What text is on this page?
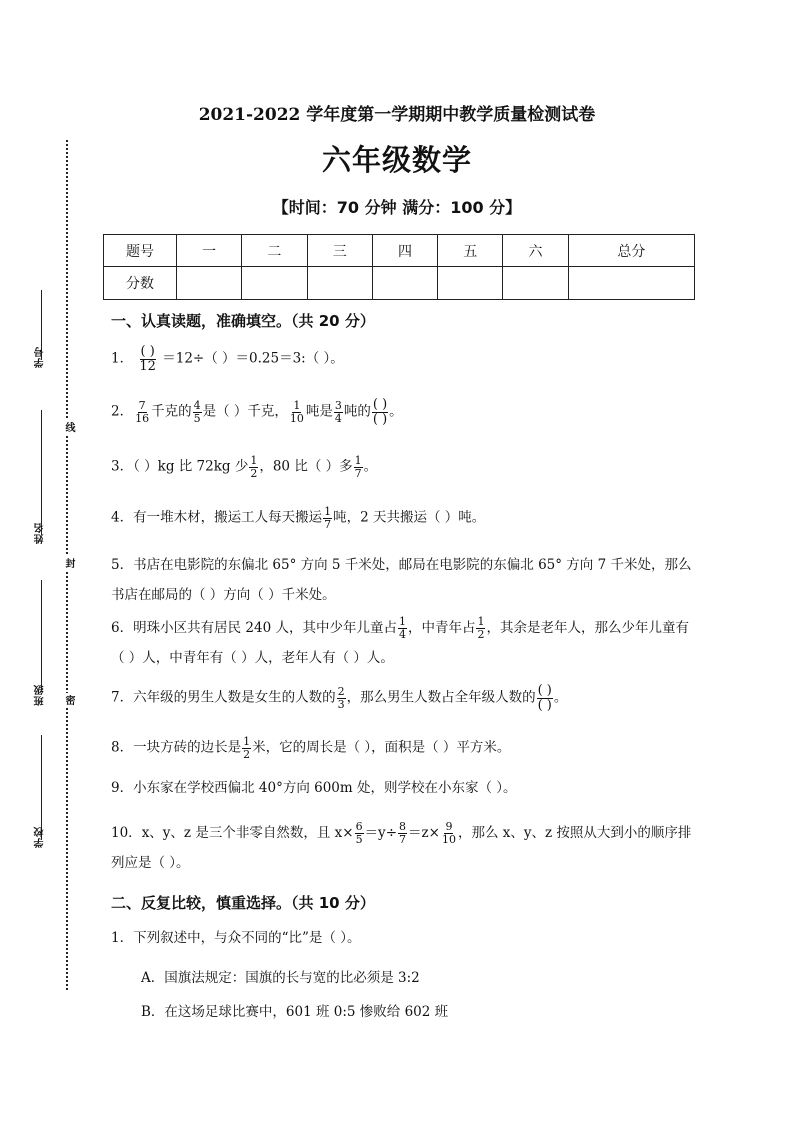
学号
姓名
班级
学校
线
封
密
2021-2022 学年度第一学期期中教学质量检测试卷
六年级数学
【时间：70 分钟 满分：100 分】
题号	一	二	三	四	五	六	总分
分数							
一、认真读题，准确填空。（共 20 分）
1． $\frac{( )}{12} =12\div$（ ）＝0.25＝3:（ ）。
2． $\frac{7}{16}$ 千克的 $\frac{4}{5}$ 是（ ）千克， $\frac{1}{10}$ 吨是 $\frac{3}{4}$ 吨的 $\frac{( )}{( )}$ 。
3．（ ）kg 比 72kg 少 $\frac{1}{2}$ ，80 比（ ）多 $\frac{1}{7}$ 。
4．有一堆木材，搬运工人每天搬运 $\frac{1}{7}$ 吨，2 天共搬运（ ）吨。
5．书店在电影院的东偏北 65° 方向 5 千米处，邮局在电影院的东偏北 65° 方向 7 千米处，那么书店在邮局的（ ）方向（ ）千米处。
6．明珠小区共有居民 240 人，其中少年儿童占 $\frac{1}{4}$ ，中青年占 $\frac{1}{2}$ ，其余是老年人，那么少年儿童有（ ）人，中青年有（ ）人，老年人有（ ）人。
7．六年级的男生人数是女生的人数的 $\frac{2}{3}$ ，那么男生人数占全年级人数的 $\frac{( )}{( )}$ 。
8．一块方砖的边长是 $\frac{1}{2}$ 米，它的周长是（ ），面积是（ ）平方米。
9．小东家在学校西偏北 40°方向 600m 处，则学校在小东家（ ）。
10．x、y、z 是三个非零自然数，且 $x\times \frac{6}{5} =y\div \frac{8}{7} =z\times \frac{9}{10}$ ，那么 x、y、z 按照从大到小的顺序排列应是（ ）。
二、反复比较，慎重选择。（共 10 分）
1．下列叙述中，与众不同的“比”是（ ）。
A．国旗法规定：国旗的长与宽的比必须是 3:2
B．在这场足球比赛中，601 班 0:5 惨败给 602 班
